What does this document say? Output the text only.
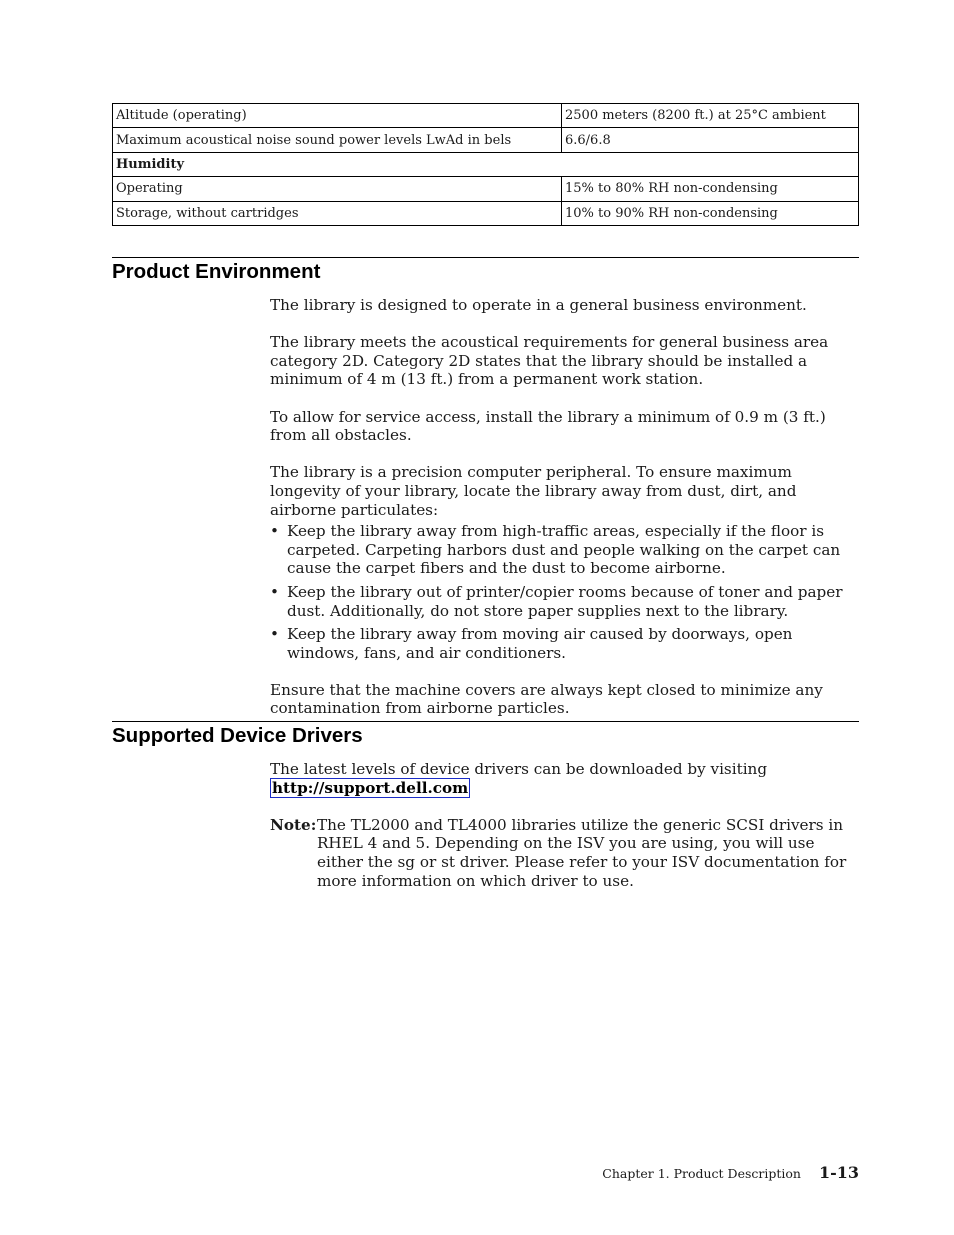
Altitude (operating)	2500 meters (8200 ft.) at 25°C ambient
Maximum acoustical noise sound power levels LwAd in bels	6.6/6.8
Humidity	
Operating	15% to 80% RH non-condensing
Storage, without cartridges	10% to 90% RH non-condensing
Product Environment

The library is designed to operate in a general business environment.

The library meets the acoustical requirements for general business area category 2D. Category 2D states that the library should be installed a minimum of 4 m (13 ft.) from a permanent work station.

To allow for service access, install the library a minimum of 0.9 m (3 ft.) from all obstacles.

The library is a precision computer peripheral. To ensure maximum longevity of your library, locate the library away from dust, dirt, and airborne particulates:

• Keep the library away from high-traffic areas, especially if the floor is carpeted. Carpeting harbors dust and people walking on the carpet can cause the carpet fibers and the dust to become airborne.
• Keep the library out of printer/copier rooms because of toner and paper dust. Additionally, do not store paper supplies next to the library.
• Keep the library away from moving air caused by doorways, open windows, fans, and air conditioners.

Ensure that the machine covers are always kept closed to minimize any contamination from airborne particles.

Supported Device Drivers

The latest levels of device drivers can be downloaded by visiting
http://support.dell.com

Note: The TL2000 and TL4000 libraries utilize the generic SCSI drivers in RHEL 4 and 5. Depending on the ISV you are using, you will use either the sg or st driver. Please refer to your ISV documentation for more information on which driver to use.
Chapter 1. Product Description 1-13
